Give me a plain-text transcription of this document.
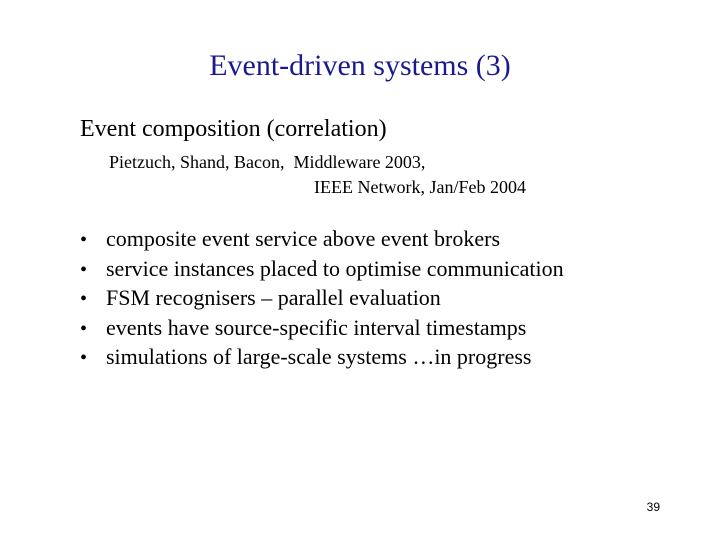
Event-driven systems (3)
Event composition (correlation)
Pietzuch, Shand, Bacon,  Middleware 2003,
IEEE Network, Jan/Feb 2004
• composite event service above event brokers
• service instances placed to optimise communication
• FSM recognisers – parallel evaluation
• events have source-specific interval timestamps
• simulations of large-scale systems …in progress
39
